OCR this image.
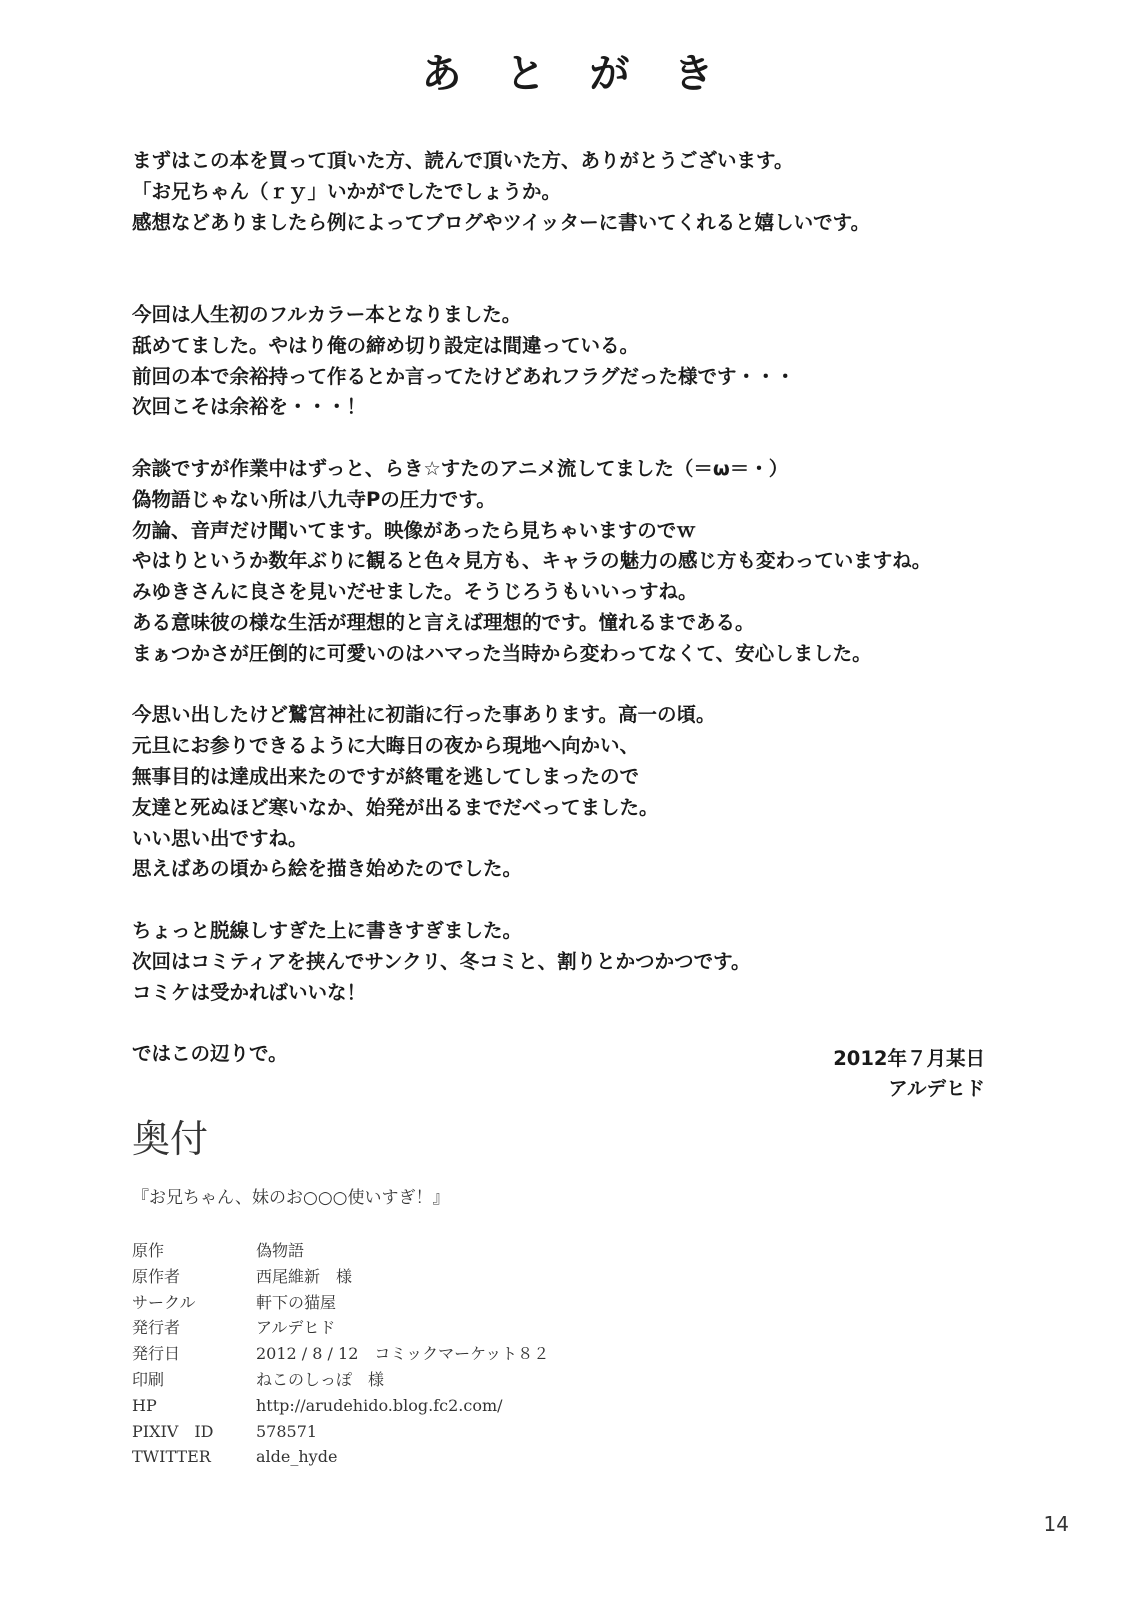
あとがき
まずはこの本を買って頂いた方、読んで頂いた方、ありがとうございます。
「お兄ちゃん（ｒｙ」いかがでしたでしょうか。
感想などありましたら例によってブログやツイッターに書いてくれると嬉しいです。
今回は人生初のフルカラー本となりました。
舐めてました。やはり俺の締め切り設定は間違っている。
前回の本で余裕持って作るとか言ってたけどあれフラグだった様です・・・
次回こそは余裕を・・・！
余談ですが作業中はずっと、らき☆すたのアニメ流してました（＝ω＝・）
偽物語じゃない所は八九寺Pの圧力です。
勿論、音声だけ聞いてます。映像があったら見ちゃいますのでｗ
やはりというか数年ぶりに観ると色々見方も、キャラの魅力の感じ方も変わっていますね。
みゆきさんに良さを見いだせました。そうじろうもいいっすね。
ある意味彼の様な生活が理想的と言えば理想的です。憧れるまである。
まぁつかさが圧倒的に可愛いのはハマった当時から変わってなくて、安心しました。
今思い出したけど鷲宮神社に初詣に行った事あります。高一の頃。
元旦にお参りできるように大晦日の夜から現地へ向かい、
無事目的は達成出来たのですが終電を逃してしまったので
友達と死ぬほど寒いなか、始発が出るまでだべってました。
いい思い出ですね。
思えばあの頃から絵を描き始めたのでした。
ちょっと脱線しすぎた上に書きすぎました。
次回はコミティアを挟んでサンクリ、冬コミと、割りとかつかつです。
コミケは受かればいいな！
ではこの辺りで。	2012年７月某日
アルデヒド
奥付
『お兄ちゃん、妹のお○○○使いすぎ！』
原作	偽物語
原作者	西尾維新　様
サークル	軒下の猫屋
発行者	アルデヒド
発行日	2012 / 8 / 12　コミックマーケット８２
印刷	ねこのしっぽ　様
HP	http://arudehido.blog.fc2.com/
PIXIV　ID	578571
TWITTER	alde_hyde
14
